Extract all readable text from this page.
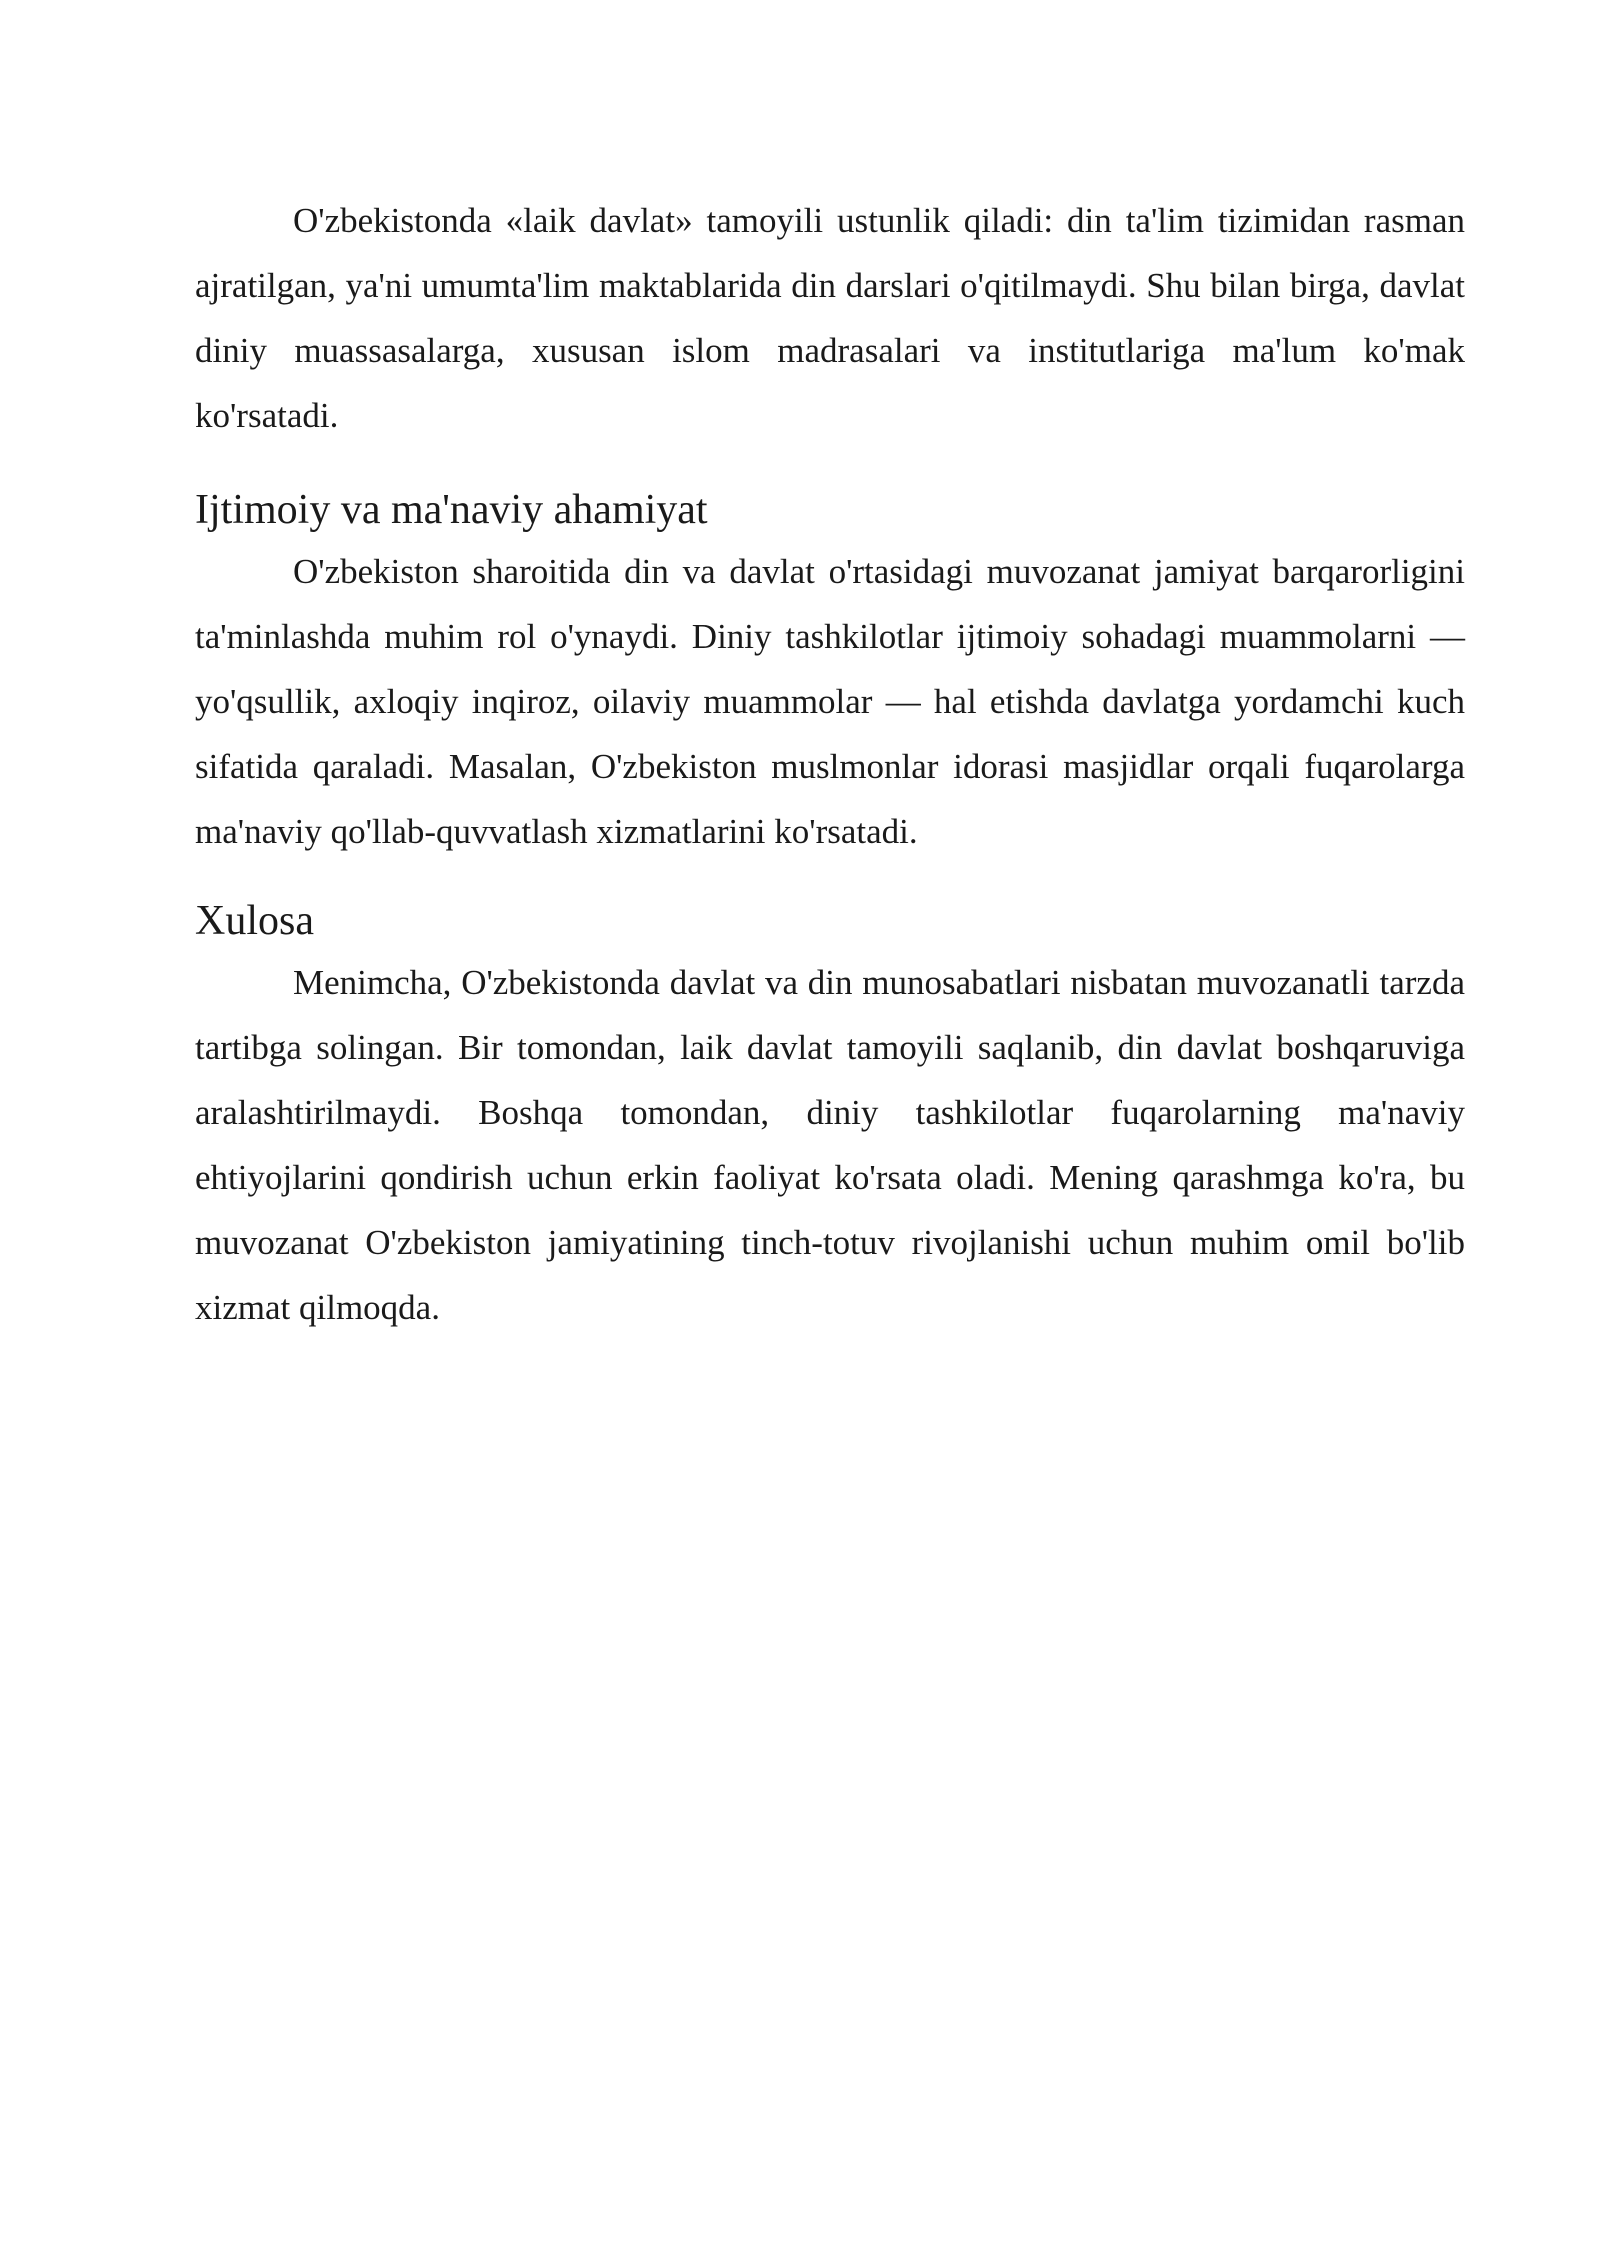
O'zbekistonda «laik davlat» tamoyili ustunlik qiladi: din ta'lim tizimidan rasman ajratilgan, ya'ni umumta'lim maktablarida din darslari o'qitilmaydi. Shu bilan birga, davlat diniy muassasalarga, xususan islom madrasalari va institutlariga ma'lum ko'mak ko'rsatadi.

Ijtimoiy va ma'naviy ahamiyat

O'zbekiston sharoitida din va davlat o'rtasidagi muvozanat jamiyat barqarorligini ta'minlashda muhim rol o'ynaydi. Diniy tashkilotlar ijtimoiy sohadagi muammolarni — yo'qsullik, axloqiy inqiroz, oilaviy muammolar — hal etishda davlatga yordamchi kuch sifatida qaraladi. Masalan, O'zbekiston muslmonlar idorasi masjidlar orqali fuqarolarga ma'naviy qo'llab-quvvatlash xizmatlarini ko'rsatadi.

Xulosa

Menimcha, O'zbekistonda davlat va din munosabatlari nisbatan muvozanatli tarzda tartibga solingan. Bir tomondan, laik davlat tamoyili saqlanib, din davlat boshqaruviga aralashtirilmaydi. Boshqa tomondan, diniy tashkilotlar fuqarolarning ma'naviy ehtiyojlarini qondirish uchun erkin faoliyat ko'rsata oladi. Mening qarashmga ko'ra, bu muvozanat O'zbekiston jamiyatining tinch-totuv rivojlanishi uchun muhim omil bo'lib xizmat qilmoqda.
